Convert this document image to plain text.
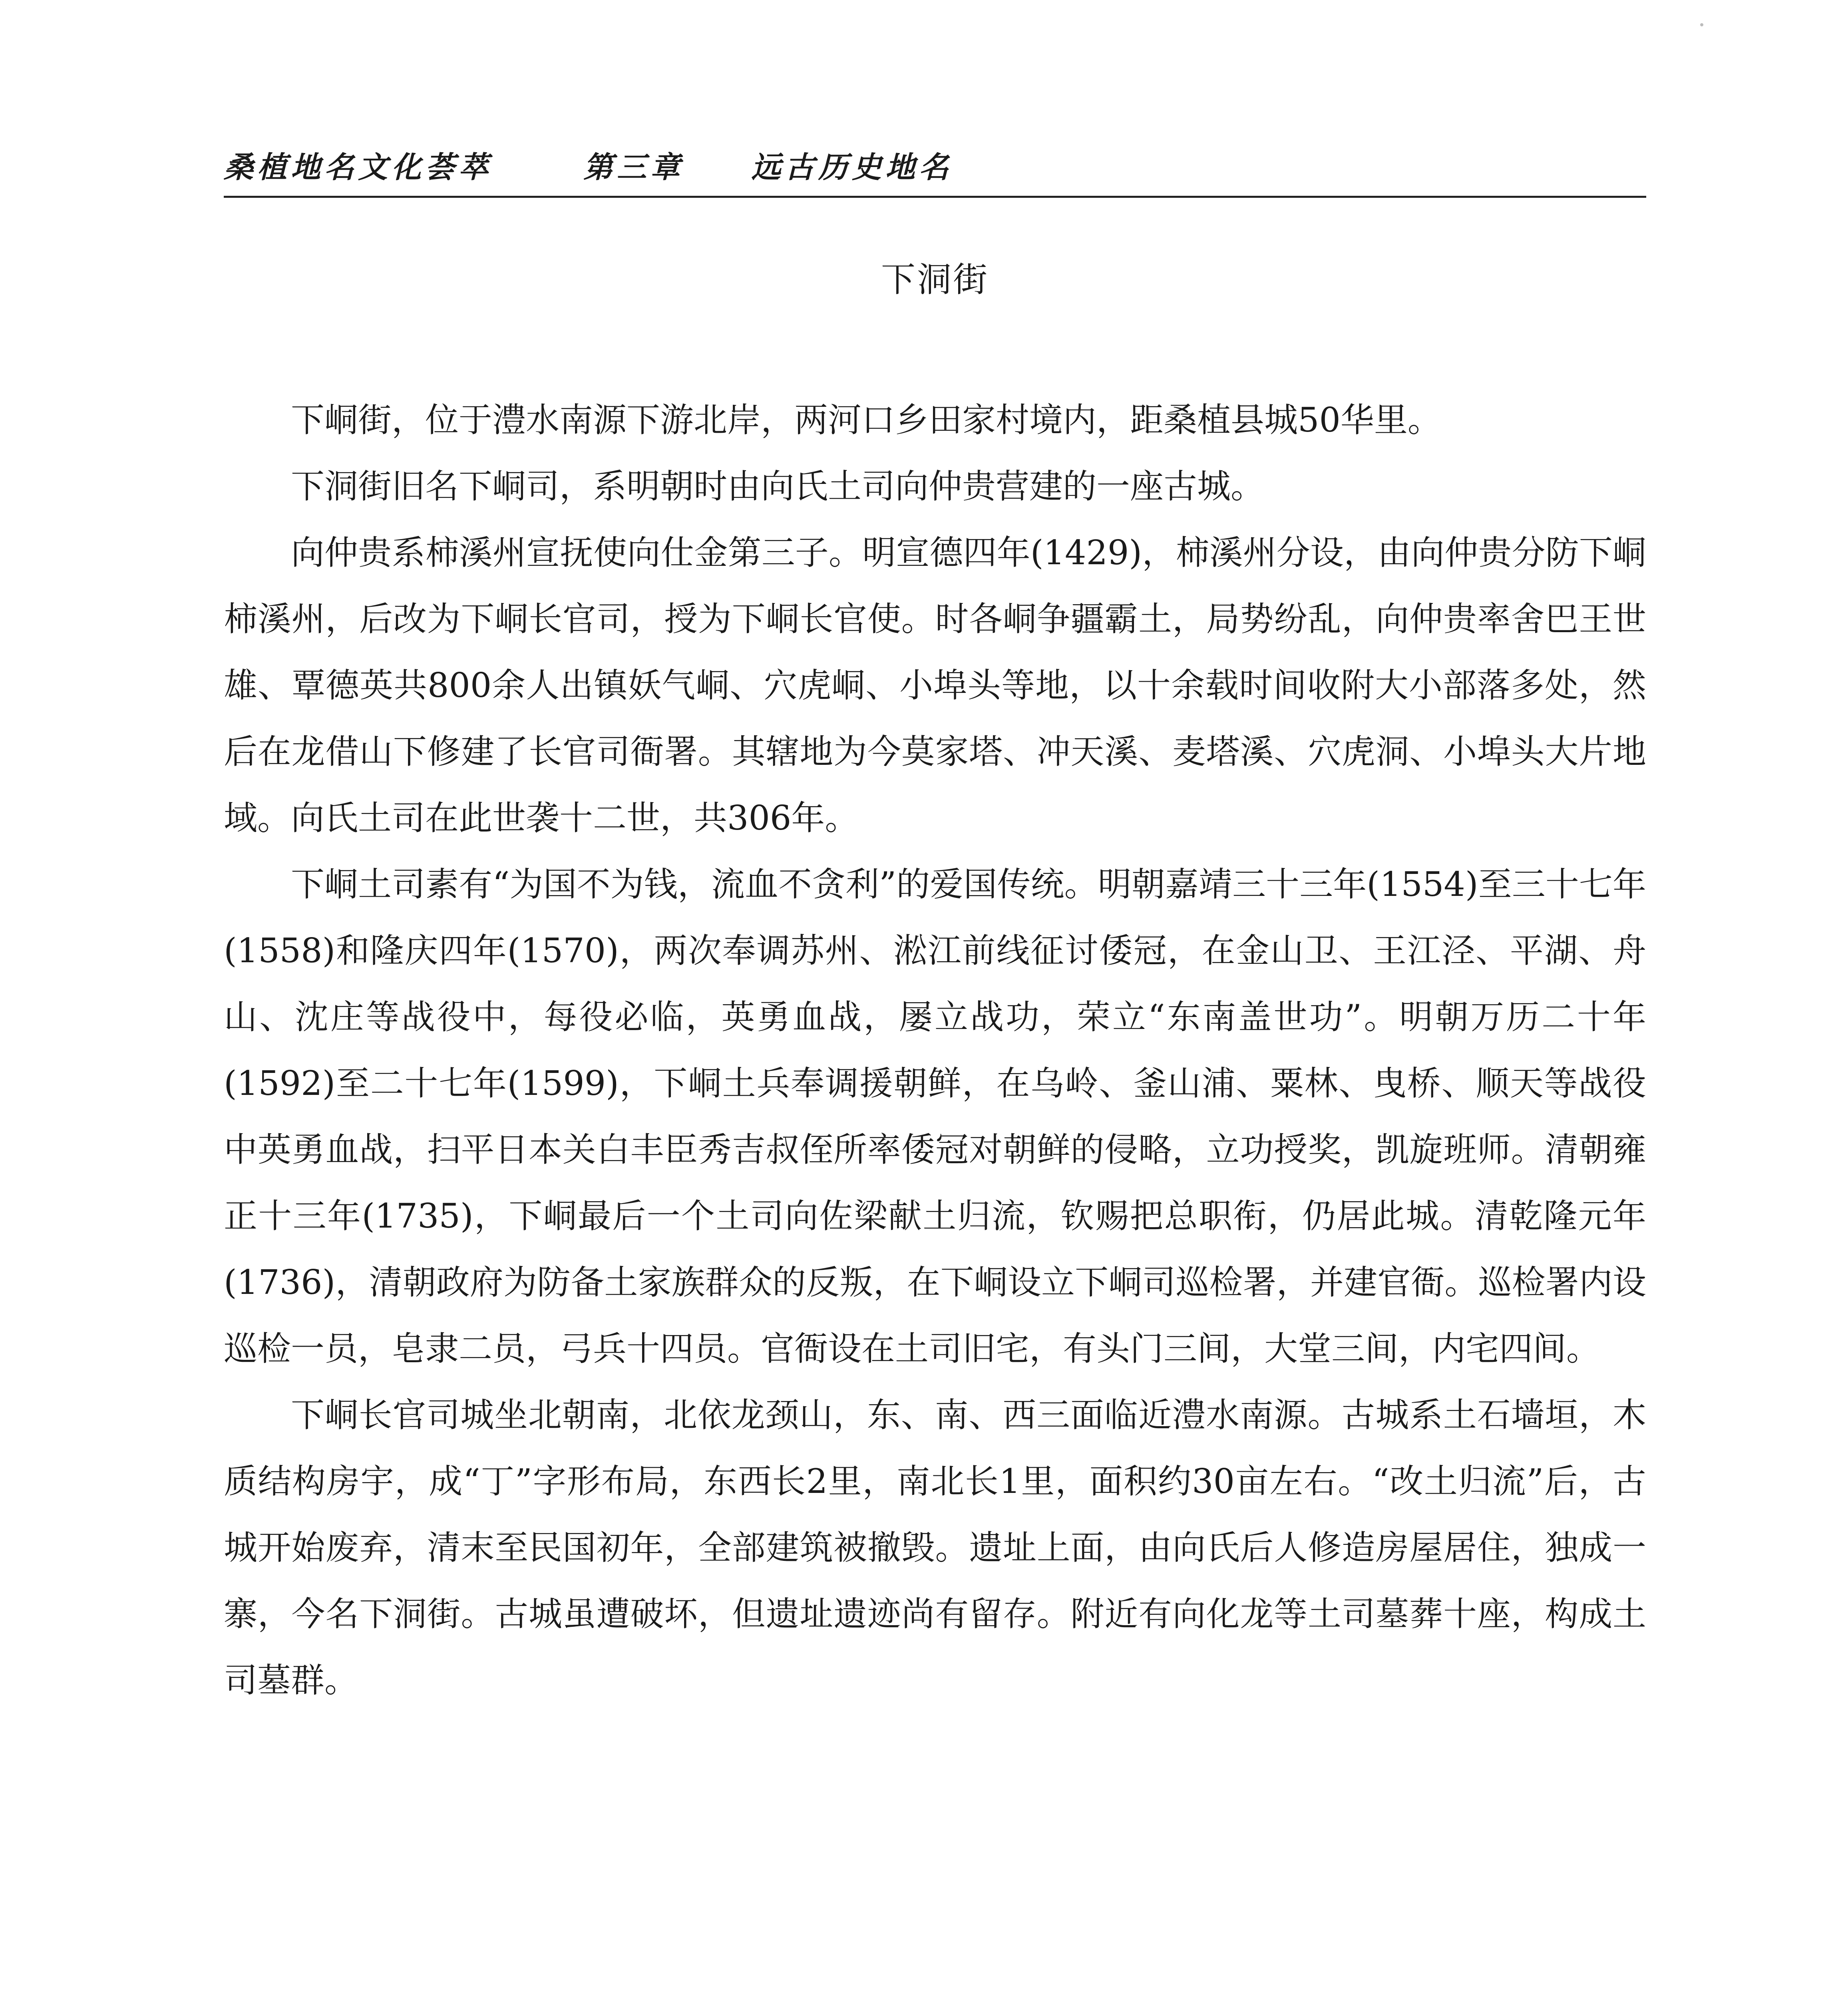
桑植地名文化荟萃	第三章 远古历史地名
下洞街

下峒街，位于澧水南源下游北岸，两河口乡田家村境内，距桑植县城50华里。

下洞街旧名下峒司，系明朝时由向氏土司向仲贵营建的一座古城。

向仲贵系柿溪州宣抚使向仕金第三子。明宣德四年(1429)，柿溪州分设，由向仲贵分防下峒柿溪州，后改为下峒长官司，授为下峒长官使。时各峒争疆霸土，局势纷乱，向仲贵率舍巴王世雄、覃德英共800余人出镇妖气峒、穴虎峒、小埠头等地，以十余载时间收附大小部落多处，然后在龙借山下修建了长官司衙署。其辖地为今莫家塔、冲天溪、麦塔溪、穴虎洞、小埠头大片地域。向氏土司在此世袭十二世，共306年。

下峒土司素有“为国不为钱，流血不贪利”的爱国传统。明朝嘉靖三十三年(1554)至三十七年(1558)和隆庆四年(1570)，两次奉调苏州、淞江前线征讨倭冠，在金山卫、王江泾、平湖、舟山、沈庄等战役中，每役必临，英勇血战，屡立战功，荣立“东南盖世功”。明朝万历二十年(1592)至二十七年(1599)，下峒土兵奉调援朝鲜，在乌岭、釜山浦、粟林、曳桥、顺天等战役中英勇血战，扫平日本关白丰臣秀吉叔侄所率倭冠对朝鲜的侵略，立功授奖，凯旋班师。清朝雍正十三年(1735)，下峒最后一个土司向佐梁献土归流，钦赐把总职衔，仍居此城。清乾隆元年(1736)，清朝政府为防备土家族群众的反叛，在下峒设立下峒司巡检署，并建官衙。巡检署内设巡检一员，皂隶二员，弓兵十四员。官衙设在土司旧宅，有头门三间，大堂三间，内宅四间。

下峒长官司城坐北朝南，北依龙颈山，东、南、西三面临近澧水南源。古城系土石墙垣，木质结构房宇，成“丁”字形布局，东西长2里，南北长1里，面积约30亩左右。“改土归流”后，古城开始废弃，清末至民国初年，全部建筑被撤毁。遗址上面，由向氏后人修造房屋居住，独成一寨，今名下洞街。古城虽遭破坏，但遗址遗迹尚有留存。附近有向化龙等土司墓葬十座，构成土司墓群。
